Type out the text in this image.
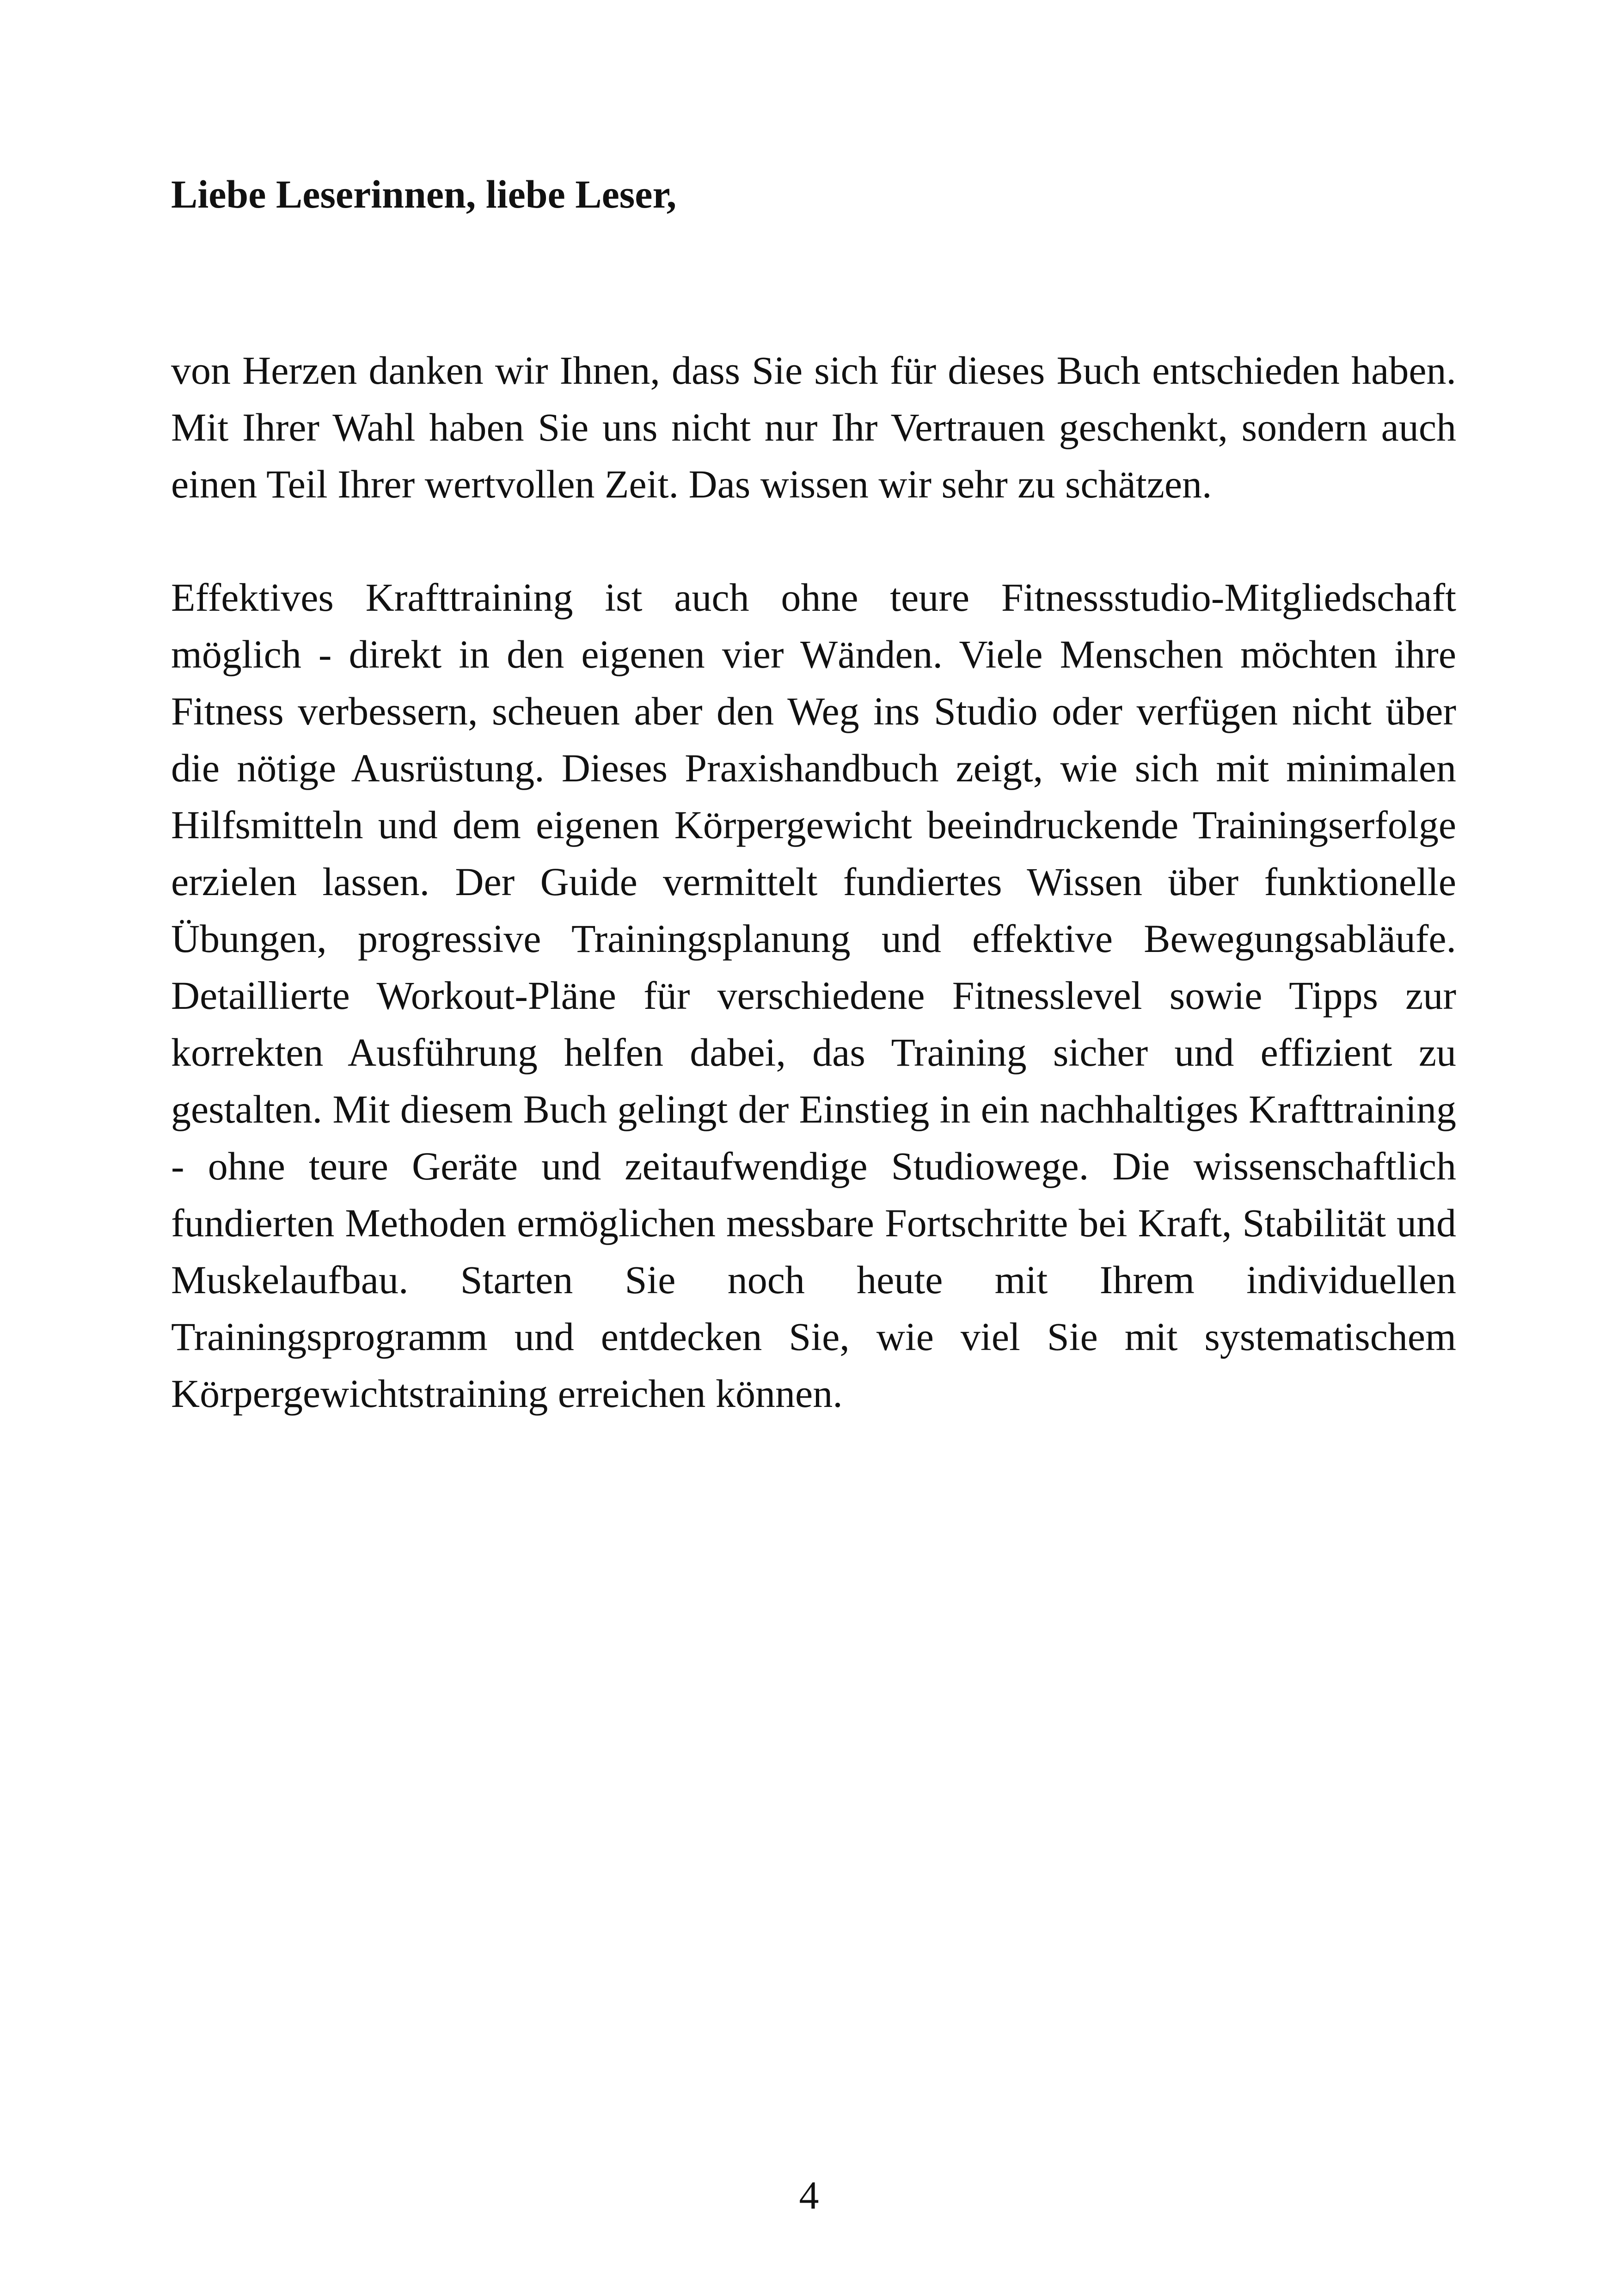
Liebe Leserinnen, liebe Leser,

von Herzen danken wir Ihnen, dass Sie sich für dieses Buch entschieden haben. Mit Ihrer Wahl haben Sie uns nicht nur Ihr Vertrauen geschenkt, sondern auch einen Teil Ihrer wertvollen Zeit. Das wissen wir sehr zu schätzen.

Effektives Krafttraining ist auch ohne teure Fitnessstudio-Mitgliedschaft möglich - direkt in den eigenen vier Wänden. Viele Menschen möchten ihre Fitness verbessern, scheuen aber den Weg ins Studio oder verfügen nicht über die nötige Ausrüstung. Dieses Praxishandbuch zeigt, wie sich mit minimalen Hilfsmitteln und dem eigenen Körpergewicht beeindruckende Trainingserfolge erzielen lassen. Der Guide vermittelt fundiertes Wissen über funktionelle Übungen, progressive Trainingsplanung und effektive Bewegungsabläufe. Detaillierte Workout-Pläne für verschiedene Fitnesslevel sowie Tipps zur korrekten Ausführung helfen dabei, das Training sicher und effizient zu gestalten. Mit diesem Buch gelingt der Einstieg in ein nachhaltiges Krafttraining - ohne teure Geräte und zeitaufwendige Studiowege. Die wissenschaftlich fundierten Methoden ermöglichen messbare Fortschritte bei Kraft, Stabilität und Muskelaufbau. Starten Sie noch heute mit Ihrem individuellen Trainingsprogramm und entdecken Sie, wie viel Sie mit systematischem Körpergewichtstraining erreichen können.

4
